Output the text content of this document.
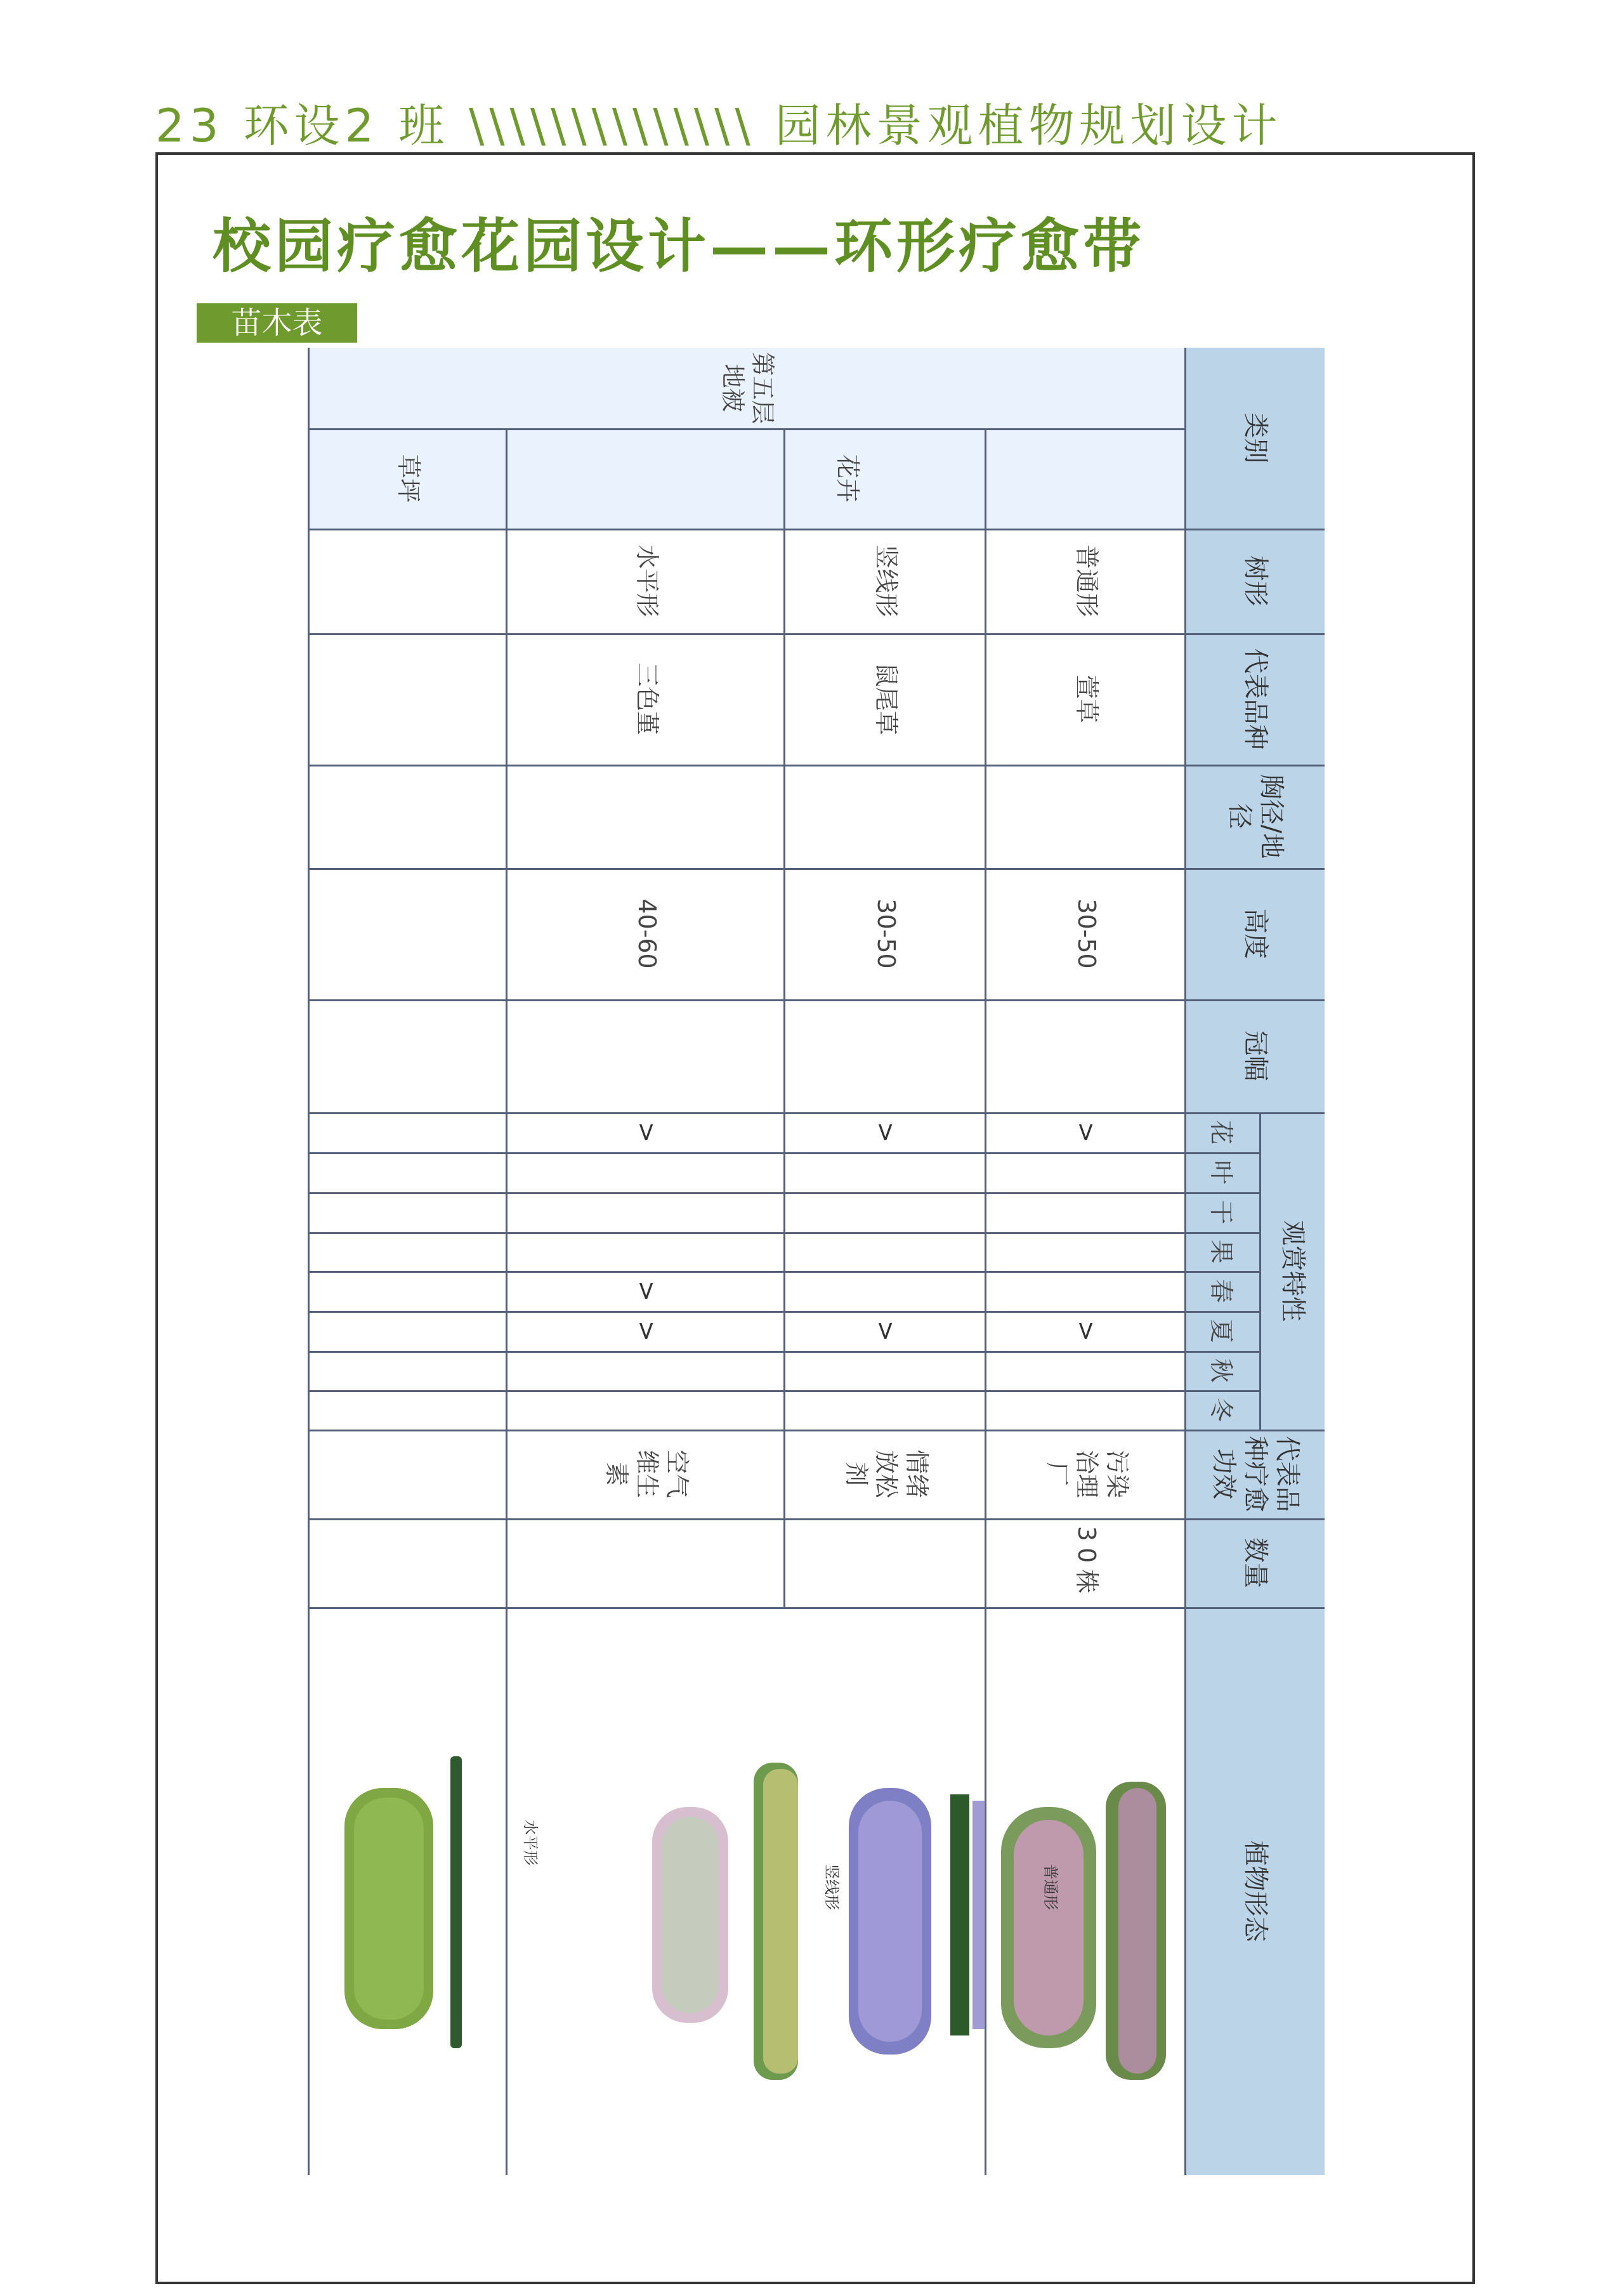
23 环设2 班 \\\\\\\\\\\\\\ 园林景观植物规划设计
校园疗愈花园设计——环形疗愈带
苗木表
类别
树形
代表品种
胸径/地径
高度
冠幅
观赏特性
代表品种疗愈功效
数量
植物形态
花
叶
干
果
春
夏
秋
冬
第五层
地被
花卉
草坪
普通形
萱草
30-50
>
>
污染
治理
厂
30株
竖线形
鼠尾草
30-50
>
>
情绪
放松
剂
水平形
三色堇
40-60
>
>
>
空气
维生
素
普通形
竖线形
水平形
